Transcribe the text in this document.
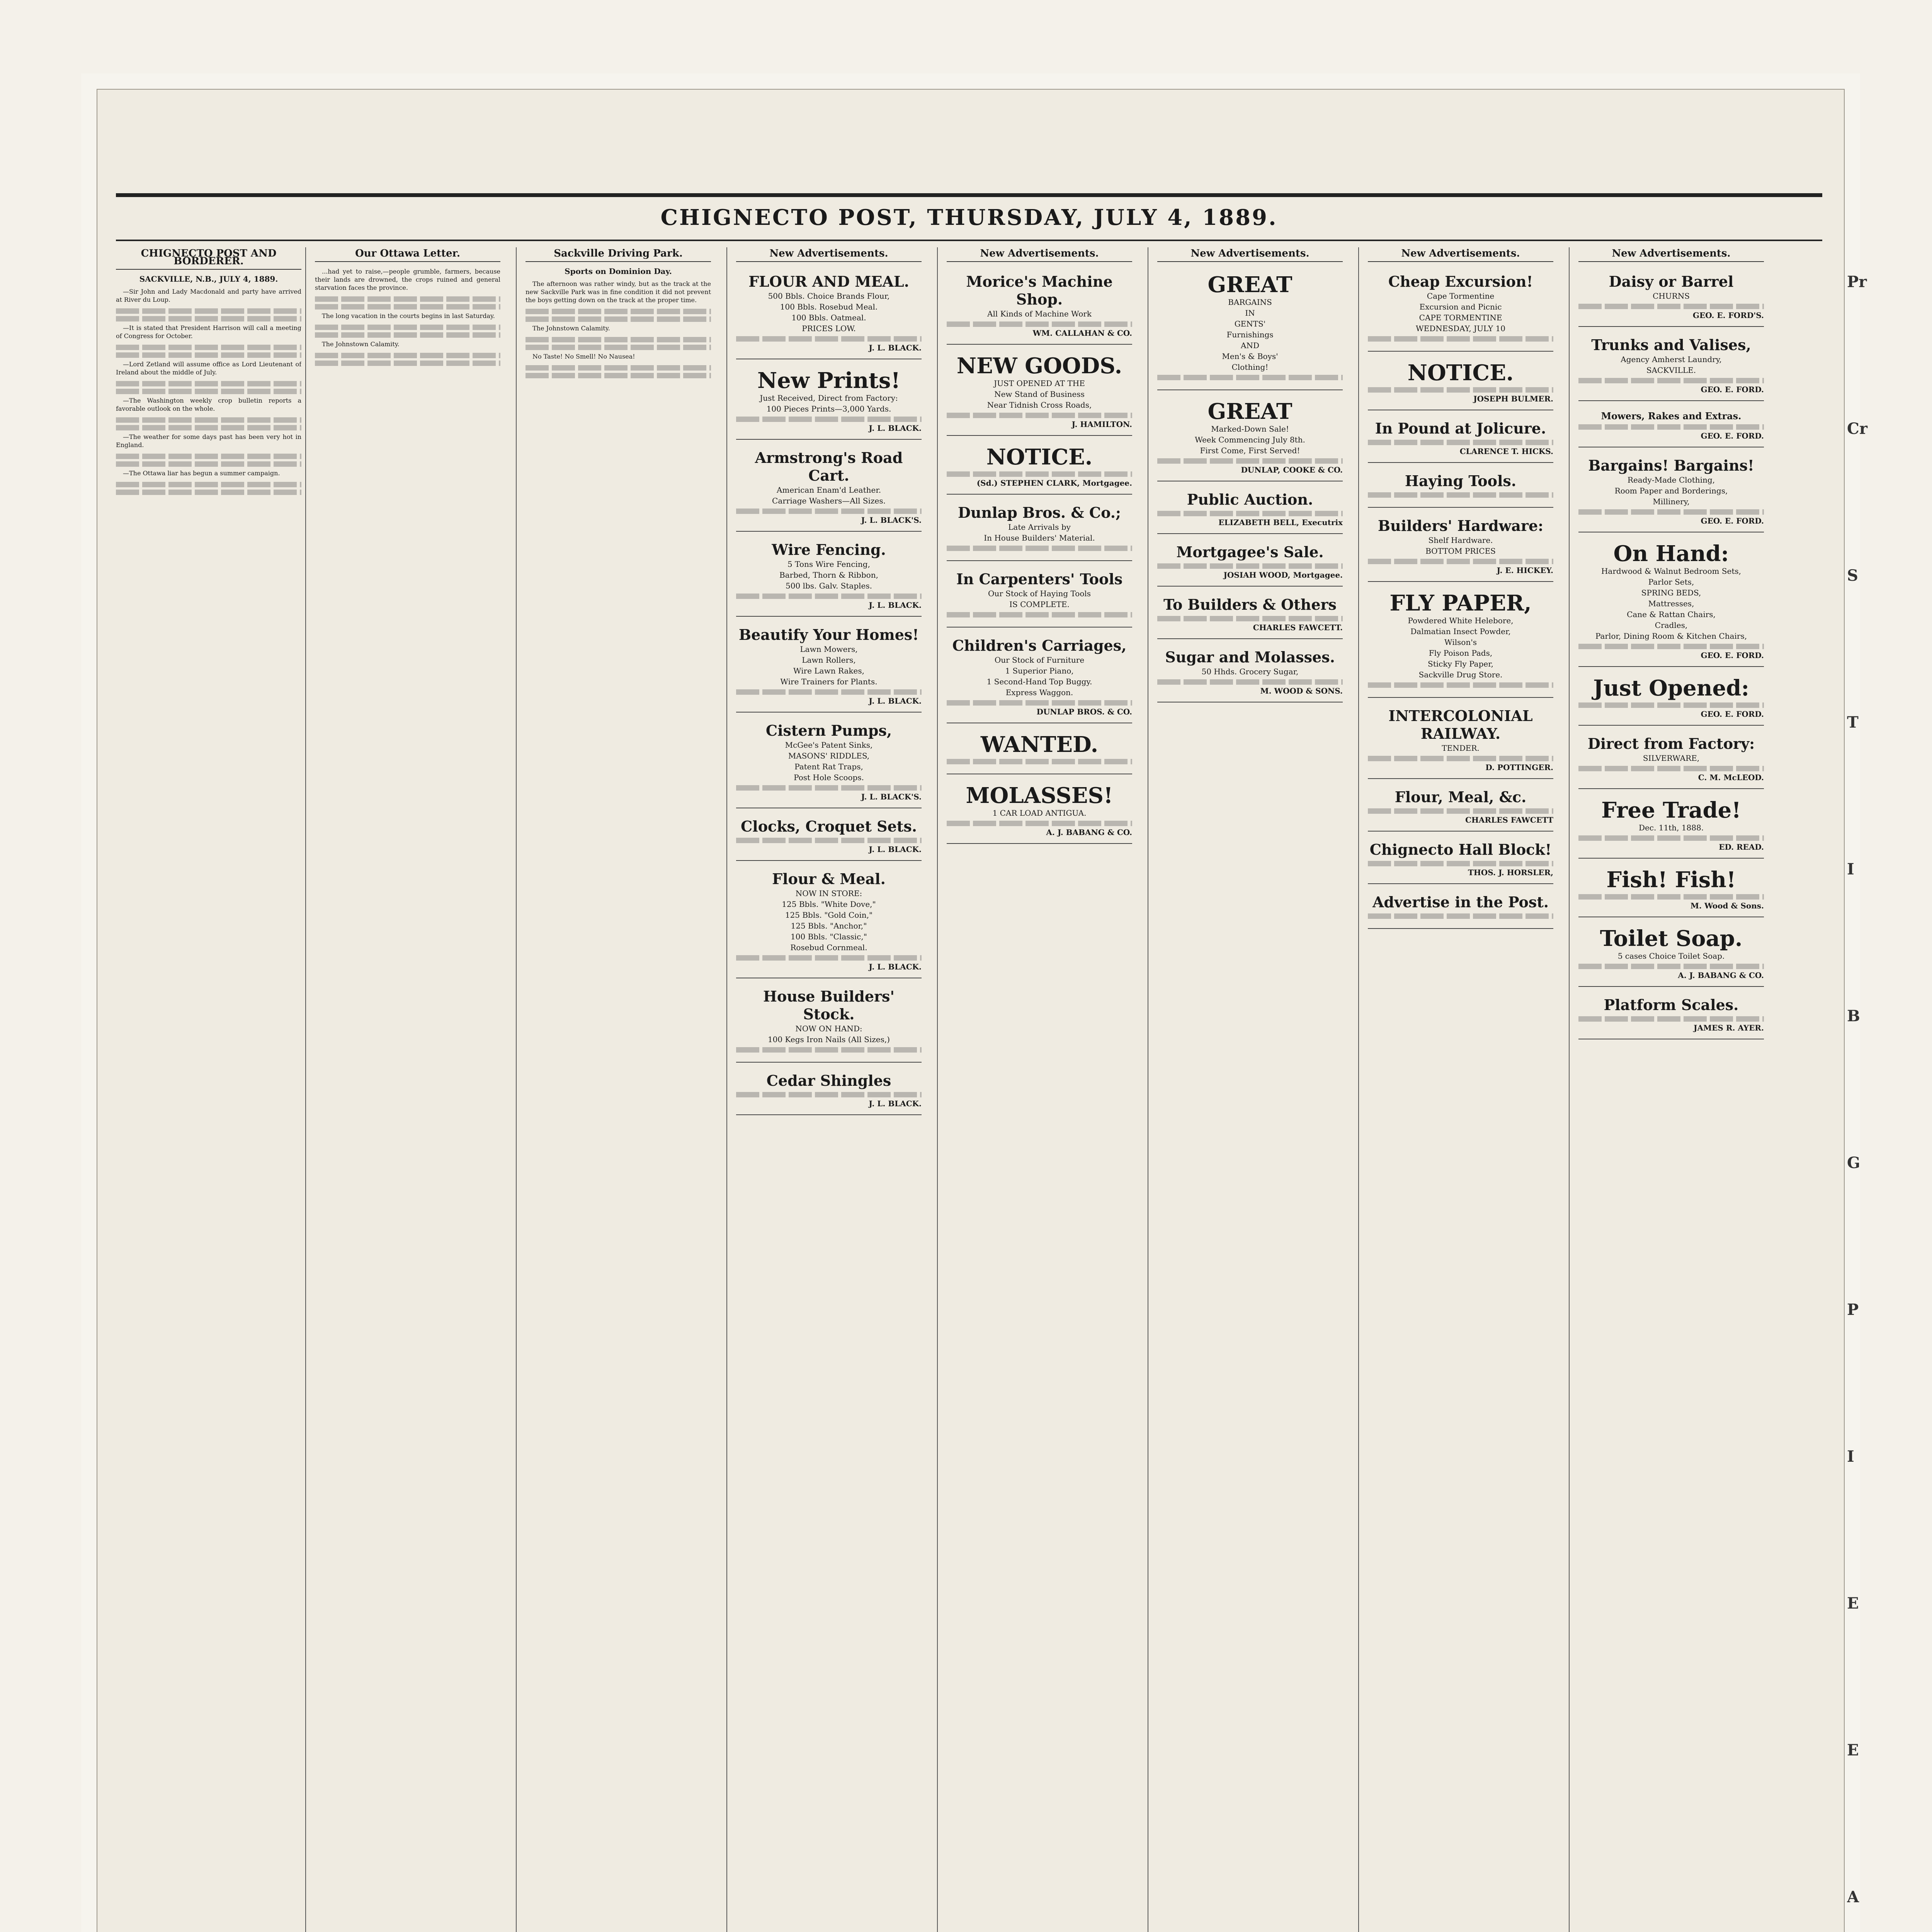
CHIGNECTO POST, THURSDAY, JULY 4, 1889.
CHIGNECTO POST AND BORDERER.
SACKVILLE, N.B., JULY 4, 1889.

—Sir John and Lady Macdonald and party have arrived at River du Loup.

—It is stated that President Harrison will call a meeting of Congress for October.

—Lord Zetland will assume office as Lord Lieutenant of Ireland about the middle of July.

—The Washington weekly crop bulletin reports a favorable outlook on the whole.

—The weather for some days past has been very hot in England.

—The Ottawa liar has begun a summer campaign.

Our Ottawa Letter.

...had yet to raise,—people grumble, farmers, because their lands are drowned, the crops ruined and general starvation faces the province.

The long vacation in the courts begins in last Saturday.

The Johnstown Calamity.

Sackville Driving Park.
Sports on Dominion Day.

The afternoon was rather windy, but as the track at the new Sackville Park was in fine condition it did not prevent the boys getting down on the track at the proper time.

The Johnstown Calamity.

No Taste! No Smell! No Nausea!

New Advertisements.
FLOUR AND MEAL.
500 Bbls. Choice Brands Flour,
100 Bbls. Rosebud Meal.
100 Bbls. Oatmeal.
PRICES LOW.
J. L. BLACK.
New Prints!
Just Received, Direct from Factory:
100 Pieces Prints—3,000 Yards.
J. L. BLACK.
Armstrong's Road Cart.
American Enam'd Leather.
Carriage Washers—All Sizes.
J. L. BLACK'S.
Wire Fencing.
5 Tons Wire Fencing,
Barbed, Thorn & Ribbon,
500 lbs. Galv. Staples.
J. L. BLACK.
Beautify Your Homes!
Lawn Mowers,
Lawn Rollers,
Wire Lawn Rakes,
Wire Trainers for Plants.
J. L. BLACK.
Cistern Pumps,
McGee's Patent Sinks,
MASONS' RIDDLES,
Patent Rat Traps,
Post Hole Scoops.
J. L. BLACK'S.
Clocks, Croquet Sets.
J. L. BLACK.
Flour & Meal.
NOW IN STORE:
125 Bbls. "White Dove,"
125 Bbls. "Gold Coin,"
125 Bbls. "Anchor,"
100 Bbls. "Classic,"
Rosebud Cornmeal.
J. L. BLACK.
House Builders' Stock.
NOW ON HAND:
100 Kegs Iron Nails (All Sizes,)
Cedar Shingles
J. L. BLACK.
New Advertisements.
Morice's Machine Shop.
All Kinds of Machine Work
WM. CALLAHAN & CO.
NEW GOODS.
JUST OPENED AT THE
New Stand of Business
Near Tidnish Cross Roads,
J. HAMILTON.
NOTICE.
(Sd.) STEPHEN CLARK, Mortgagee.
Dunlap Bros. & Co.;
Late Arrivals by
In House Builders' Material.
In Carpenters' Tools
Our Stock of Haying Tools
IS COMPLETE.
Children's Carriages,
Our Stock of Furniture
1 Superior Piano,
1 Second-Hand Top Buggy.
Express Waggon.
DUNLAP BROS. & CO.
WANTED.
MOLASSES!
1 CAR LOAD ANTIGUA.
A. J. BABANG & CO.
New Advertisements.
GREAT
BARGAINS
IN
GENTS'
Furnishings
AND
Men's & Boys'
Clothing!
GREAT
Marked-Down Sale!
Week Commencing July 8th.
First Come, First Served!
DUNLAP, COOKE & CO.
Public Auction.
ELIZABETH BELL, Executrix
Mortgagee's Sale.
JOSIAH WOOD, Mortgagee.
To Builders & Others
CHARLES FAWCETT.
Sugar and Molasses.
50 Hhds. Grocery Sugar,
M. WOOD & SONS.
New Advertisements.
Cheap Excursion!
Cape Tormentine
Excursion and Picnic
CAPE TORMENTINE
WEDNESDAY, JULY 10
NOTICE.
JOSEPH BULMER.
In Pound at Jolicure.
CLARENCE T. HICKS.
Haying Tools.
Builders' Hardware:
Shelf Hardware.
BOTTOM PRICES
J. E. HICKEY.
FLY PAPER,
Powdered White Helebore,
Dalmatian Insect Powder,
Wilson's
Fly Poison Pads,
Sticky Fly Paper,
Sackville Drug Store.
INTERCOLONIAL RAILWAY.
TENDER.
D. POTTINGER.
Flour, Meal, &c.
CHARLES FAWCETT
Chignecto Hall Block!
THOS. J. HORSLER,
Advertise in the Post.
New Advertisements.
Daisy or Barrel
CHURNS
GEO. E. FORD'S.
Trunks and Valises,
Agency Amherst Laundry,
SACKVILLE.
GEO. E. FORD.
Mowers, Rakes and Extras.
GEO. E. FORD.
Bargains! Bargains!
Ready-Made Clothing,
Room Paper and Borderings,
Millinery,
GEO. E. FORD.
On Hand:
Hardwood & Walnut Bedroom Sets,
Parlor Sets,
SPRING BEDS,
Mattresses,
Cane & Rattan Chairs,
Cradles,
Parlor, Dining Room & Kitchen Chairs,
GEO. E. FORD.
Just Opened:
GEO. E. FORD.
Direct from Factory:
SILVERWARE,
C. M. McLEOD.
Free Trade!
Dec. 11th, 1888.
ED. READ.
Fish! Fish!
M. Wood & Sons.
Toilet Soap.
5 cases Choice Toilet Soap.
A. J. BABANG & CO.
Platform Scales.
JAMES R. AYER.
Pr
Cr
S
T
I
B
G
P
I
E
E
A
